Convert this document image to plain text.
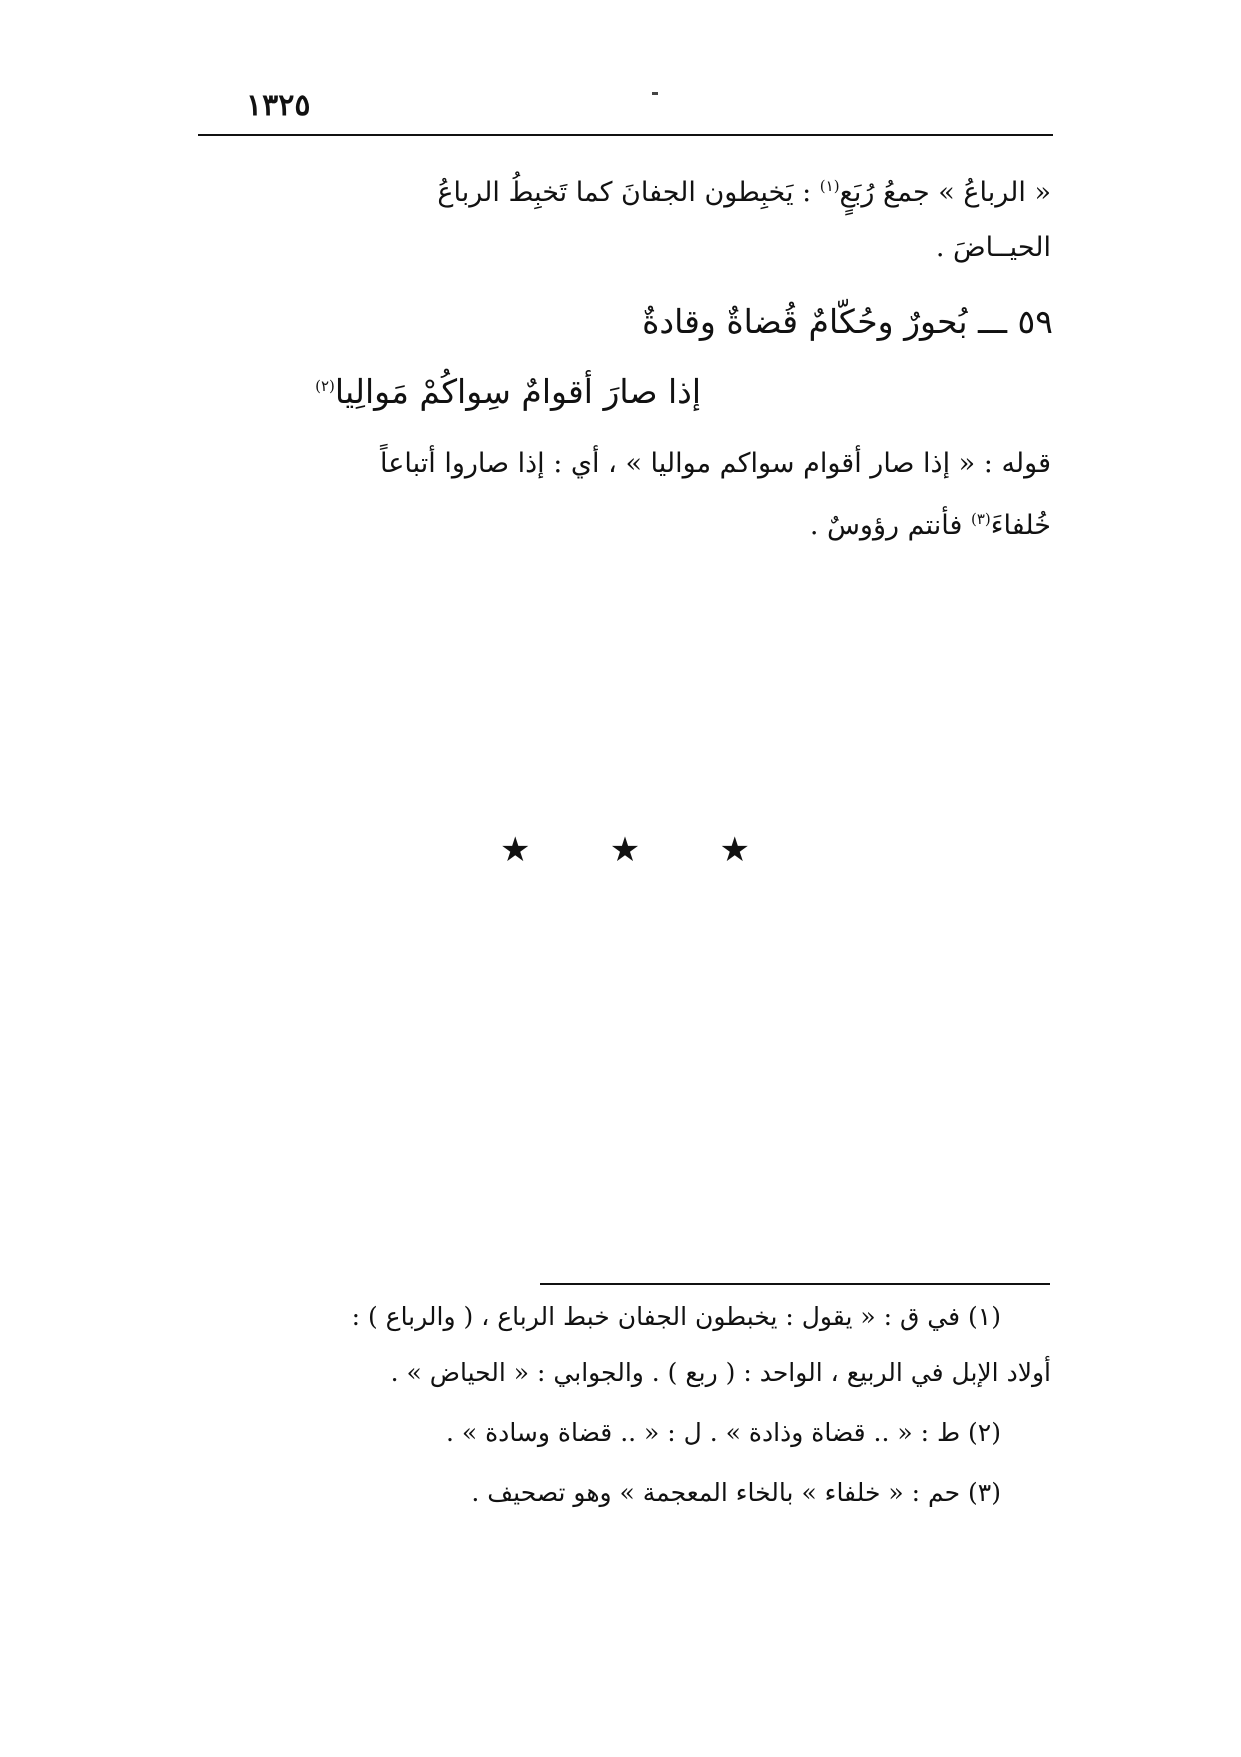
١٣٢٥
« الرباعُ » جمعُ رُبَعٍ$^{(١)}$ : يَخبِطون الجفانَ كما تَخبِطُ الرباعُ
الحيــاضَ .
٥٩ ـــ بُحورٌ وحُكّامٌ قُضاةٌ وقادةٌ
إذا صارَ أقوامٌ سِواكُمْ مَوالِيا$^{(٢)}$
قوله : « إذا صار أقوام سواكم مواليا » ، أي : إذا صاروا أتباعاً
خُلفاءَ$^{(٣)}$ فأنتم رؤوسٌ .
★ ★ ★
(١) في ق : « يقول : يخبطون الجفان خبط الرباع ، ( والرباع ) :
أولاد الإبل في الربيع ، الواحد : ( ربع ) . والجوابي : « الحياض » .
(٢) ط : « .. قضاة وذادة » . ل : « .. قضاة وسادة » .
(٣) حم : « خلفاء » بالخاء المعجمة » وهو تصحيف .
